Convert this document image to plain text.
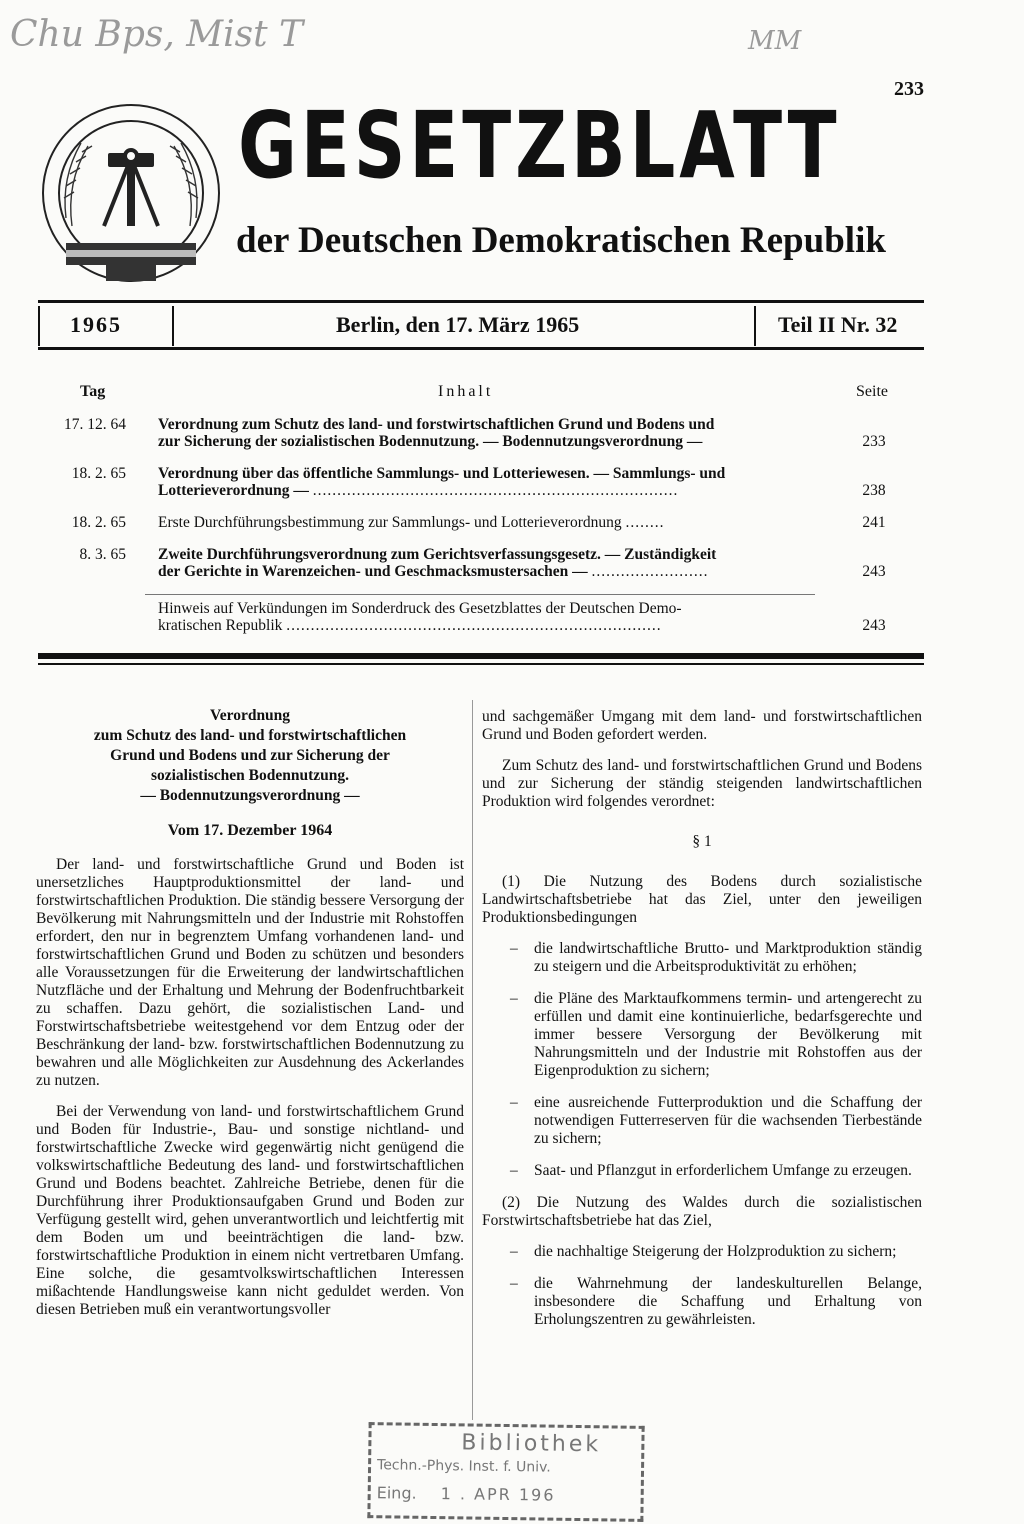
Chu Bps, Mist T	MM
233
GESETZBLATT
der Deutschen Demokratischen Republik
1965	Berlin, den 17. März 1965	Teil II Nr. 32
Tag	Inhalt	Seite
17. 12. 64 Verordnung zum Schutz des land- und forstwirtschaftlichen Grund und Bodens und
zur Sicherung der sozialistischen Bodennutzung. — Bodennutzungsverordnung —	233
18. 2. 65 Verordnung über das öffentliche Sammlungs- und Lotteriewesen. — Sammlungs- und
Lotterieverordnung — ...........................................................................	238
18. 2. 65 Erste Durchführungsbestimmung zur Sammlungs- und Lotterieverordnung ........	241
8. 3. 65 Zweite Durchführungsverordnung zum Gerichtsverfassungsgesetz. — Zuständigkeit
der Gerichte in Warenzeichen- und Geschmacksmustersachen — ........................	243
Hinweis auf Verkündungen im Sonderdruck des Gesetzblattes der Deutschen Demo-
kratischen Republik .............................................................................	243
Verordnung
zum Schutz des land- und forstwirtschaftlichen
Grund und Bodens und zur Sicherung der
sozialistischen Bodennutzung.
— Bodennutzungsverordnung —
Vom 17. Dezember 1964

Der land- und forstwirtschaftliche Grund und Boden ist unersetzliches Hauptproduktionsmittel der land- und forstwirtschaftlichen Produktion. Die ständig bessere Versorgung der Bevölkerung mit Nahrungsmitteln und der Industrie mit Rohstoffen erfordert, den nur in begrenztem Umfang vorhandenen land- und forstwirtschaftlichen Grund und Boden zu schützen und besonders alle Voraussetzungen für die Erweiterung der landwirtschaftlichen Nutzfläche und der Erhaltung und Mehrung der Bodenfruchtbarkeit zu schaffen. Dazu gehört, die sozialistischen Land- und Forstwirtschaftsbetriebe weitestgehend vor dem Entzug oder der Beschränkung der land- bzw. forstwirtschaftlichen Bodennutzung zu bewahren und alle Möglichkeiten zur Ausdehnung des Ackerlandes zu nutzen.

Bei der Verwendung von land- und forstwirtschaftlichem Grund und Boden für Industrie-, Bau- und sonstige nichtland- und forstwirtschaftliche Zwecke wird gegenwärtig nicht genügend die volkswirtschaftliche Bedeutung des land- und forstwirtschaftlichen Grund und Bodens beachtet. Zahlreiche Betriebe, denen für die Durchführung ihrer Produktionsaufgaben Grund und Boden zur Verfügung gestellt wird, gehen unverantwortlich und leichtfertig mit dem Boden um und beeinträchtigen die land- bzw. forstwirtschaftliche Produktion in einem nicht vertretbaren Umfang. Eine solche, die gesamtvolkswirtschaftlichen Interessen mißachtende Handlungsweise kann nicht geduldet werden. Von diesen Betrieben muß ein verantwortungsvoller

und sachgemäßer Umgang mit dem land- und forstwirtschaftlichen Grund und Boden gefordert werden.

Zum Schutz des land- und forstwirtschaftlichen Grund und Bodens und zur Sicherung der ständig steigenden landwirtschaftlichen Produktion wird folgendes verordnet:

§ 1

(1) Die Nutzung des Bodens durch sozialistische Landwirtschaftsbetriebe hat das Ziel, unter den jeweiligen Produktionsbedingungen

– die landwirtschaftliche Brutto- und Marktproduktion ständig zu steigern und die Arbeitsproduktivität zu erhöhen;
– die Pläne des Marktaufkommens termin- und artengerecht zu erfüllen und damit eine kontinuierliche, bedarfsgerechte und immer bessere Versorgung der Bevölkerung mit Nahrungsmitteln und der Industrie mit Rohstoffen aus der Eigenproduktion zu sichern;
– eine ausreichende Futterproduktion und die Schaffung der notwendigen Futterreserven für die wachsenden Tierbestände zu sichern;
– Saat- und Pflanzgut in erforderlichem Umfange zu erzeugen.

(2) Die Nutzung des Waldes durch die sozialistischen Forstwirtschaftsbetriebe hat das Ziel,

– die nachhaltige Steigerung der Holzproduktion zu sichern;
– die Wahrnehmung der landeskulturellen Belange, insbesondere die Schaffung und Erhaltung von Erholungszentren zu gewährleisten.
Bibliothek
Techn.-Phys. Inst. f. Univ.
Eing. 1 . APR 196
